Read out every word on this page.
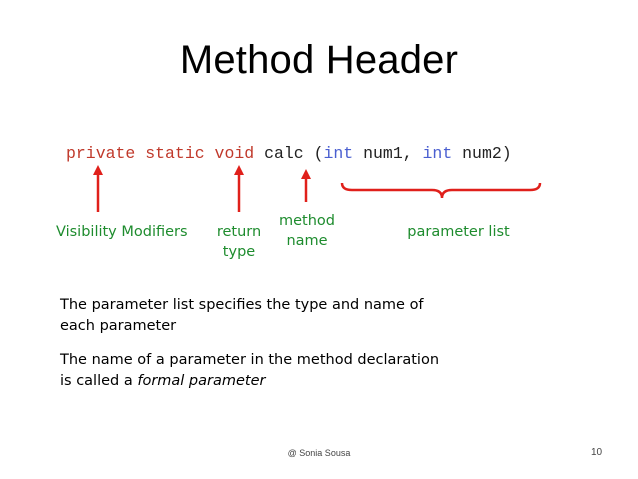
Method Header
private static void calc (int num1, int num2)
Visibility Modifiers	return
type
method
name
parameter list
The parameter list specifies the type and name of
each parameter
The name of a parameter in the method declaration
is called a formal parameter
@ Sonia Sousa	10
